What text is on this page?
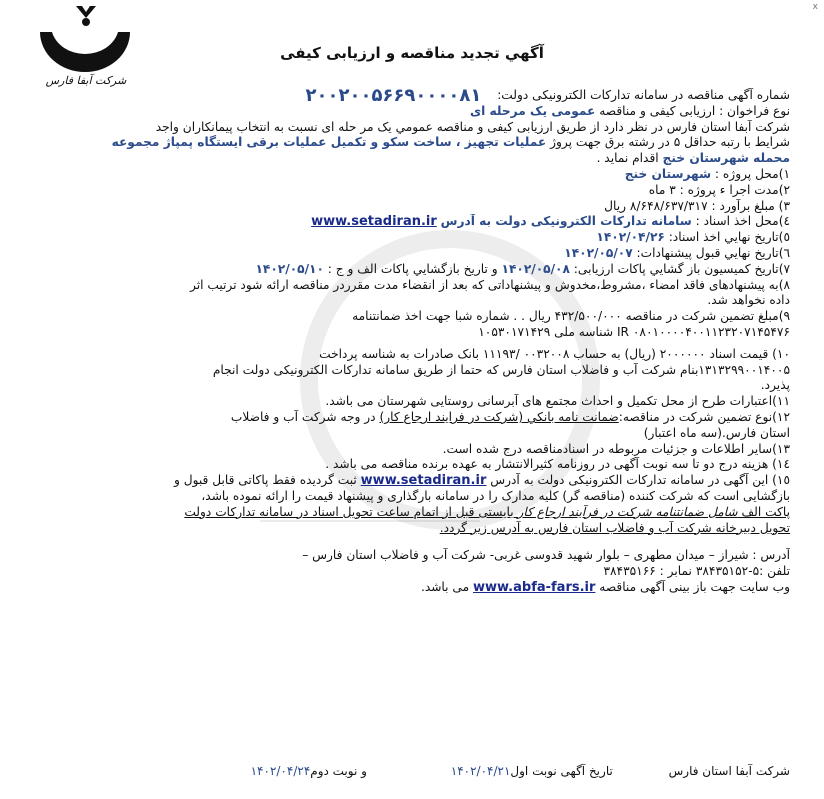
شرکت آبفا فارس
x
آگهي تجديد مناقصه و ارزيابی كيفی
شماره آگهی مناقصه در سامانه تدارکات الکترونیکی دولت: ۲۰۰۲۰۰۵۶۶۹۰۰۰۰۸۱
نوع فراخوان : ارزیابی کیفی و مناقصه عمومی یک مرحله ای
شرکت آبفا استان فارس در نظر دارد از طریق ارزیابی کیفی و مناقصه عمومي یک مر حله ای نسبت به انتخاب پیمانکاران واجد
شرایط با رتبه حداقل ۵ در رشته برق جهت پروژ عملیات تجهیز ، ساخت سکو و تکمیل عملیات برقی ایستگاه پمپاژ مجموعه
محمله شهرستان خنج اقدام نماید .
۱)محل پروژه : شهرستان خنج
۲)مدت اجرا ء پروژه : ۳ ماه
۳) مبلغ برآورد : ۸/۶۴۸/۶۳۷/۳۱۷ ریال
٤)محل اخذ اسناد : سامانه تدارکات الکترونیکی دولت به آدرس www.setadiran.ir
٥)تاریخ نهايي اخذ اسناد: ۱۴۰۲/۰۴/۲۶
٦)تاريخ نهايي قبول پيشنهادات: ۱۴۰۲/۰۵/۰۷
۷)تاریخ کمیسیون باز گشایي پاکات ارزیابی: ۱۴۰۲/۰۵/۰۸ و تاريخ بازگشايي پاكات الف و ج : ۱۴۰۲/۰۵/۱۰
۸)به پیشنهادهای فاقد امضاء ،مشروط،مخدوش و پیشنهاداتی که بعد از انقضاء مدت مقرردر مناقصه ارائه شود ترتیب اثر
داده نخواهد شد.
۹)مبلغ تضمین شرکت در مناقصه ۴۳۲/۵۰۰/۰۰۰ ریال . . شماره شبا جهت اخذ ضمانتنامه
IR ۰۸۰۱۰۰۰۰۴۰۰۱۱۲۳۲۰۷۱۴۵۴۷۶ شناسه ملی ۱۰۵۳۰۱۷۱۴۲۹
۱۰) قیمت اسناد ۲۰۰۰۰۰۰ (ریال) به حساب ۰۰۳۲۰۰۸ /۱۱۱۹۳ بانک صادرات به شناسه پرداخت
۱۳۱۳۲۹۹۰۰۱۴۰۰۵بنام شرکت آب و فاضلاب استان فارس که حتما از طریق سامانه تدارکات الکترونیکی دولت انجام
پذیرد.
۱۱)اعتبارات طرح از محل تکمیل و احداث مجتمع های آبرسانی روستایی شهرستان می باشد.
۱۲)نوع تضمين شركت در مناقصه:ضمانت نامه بانكي (شركت در فرايند ارجاع كار) در وجه شركت آب و فاضلاب
استان فارس.(سه ماه اعتبار)
۱۳)سایر اطلاعات و جزئیات مربوطه در اسنادمناقصه درج شده است.
۱٤) هزینه درج دو تا سه نوبت آگهی در روزنامه کثیرالانتشار به عهده برنده مناقصه می باشد .
۱٥) این آگهی در سامانه تدارکات الکترونیکی دولت به آدرس www.setadiran.ir ثبت گردیده فقط پاکاتی قابل قبول و
بازگشایی است که شرکت کننده (مناقصه گر) کلیه مدارک را در سامانه بارگذاری و پیشنهاد قیمت را ارائه نموده باشد،
پاکت الف شامل ضمانتنامه شرکت در فرآیند ارجاع کار بایستی قبل از اتمام ساعت تحویل اسناد در سامانه تدارکات دولت
تحویل دبیرخانه شرکت آب و فاضلاب استان فارس به آدرس زیر گردد.
آدرس : شیراز – میدان مطهری – بلوار شهید قدوسی غربی- شرکت آب و فاضلاب استان فارس –
تلفن :۵-۳۸۴۳۵۱۵۲ نمابر : ۳۸۴۳۵۱۶۶
وب سایت جهت باز بینی آگهی مناقصه www.abfa-fars.ir می باشد.
شرکت آبفا استان فارس تاریخ آگهی نوبت اول۱۴۰۲/۰۴/۲۱ و نوبت دوم۱۴۰۲/۰۴/۲۴
